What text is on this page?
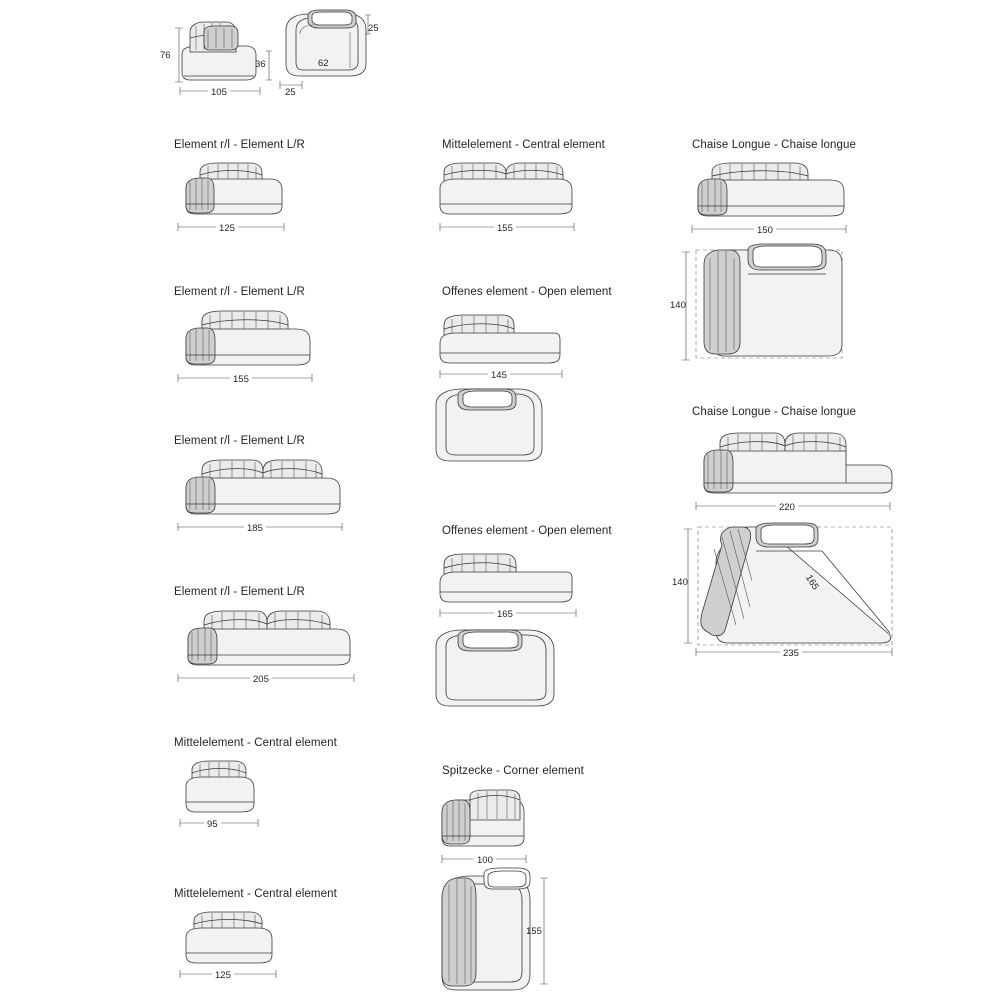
76
105
25
36	62
25
Element r/l - Element L/R
125
Element r/l - Element L/R
155
Element r/l - Element L/R
185
Element r/l - Element L/R
205
Mittelelement - Central element
95
Mittelelement - Central element
125
Mittelelement - Central element
155
Offenes element - Open element
145
Offenes element - Open element
165
Spitzecke - Corner element
100
155
Chaise Longue - Chaise longue
150
140
Chaise Longue - Chaise longue
220
140	165
235
